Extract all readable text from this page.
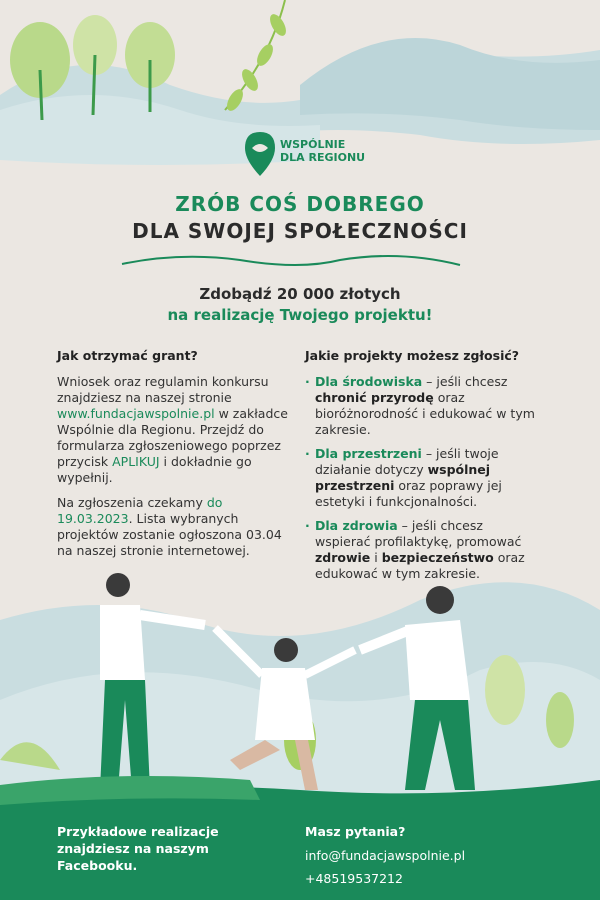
WSPÓLNIE
DLA REGIONU
ZRÓB COŚ DOBREGO
DLA SWOJEJ SPOŁECZNOŚCI
Zdobądź 20 000 złotych
na realizację Twojego projektu!
Jak otrzymać grant?

Wniosek oraz regulamin konkursu znajdziesz na naszej stronie www.fundacjawspolnie.pl w zakładce Wspólnie dla Regionu. Przejdź do formularza zgłoszeniowego poprzez przycisk APLIKUJ i dokładnie go wypełnij.

Na zgłoszenia czekamy do 19.03.2023. Lista wybranych projektów zostanie ogłoszona 03.04 na naszej stronie internetowej.

Jakie projekty możesz zgłosić?
· Dla środowiska – jeśli chcesz chronić przyrodę oraz bioróżnorodność i edukować w tym zakresie.
· Dla przestrzeni – jeśli twoje działanie dotyczy wspólnej przestrzeni oraz poprawy jej estetyki i funkcjonalności.
· Dla zdrowia – jeśli chcesz wspierać profilaktykę, promować zdrowie i bezpieczeństwo oraz edukować w tym zakresie.
Przykładowe realizacje znajdziesz na naszym Facebooku.
Masz pytania?
info@fundacjawspolnie.pl
+48519537212
